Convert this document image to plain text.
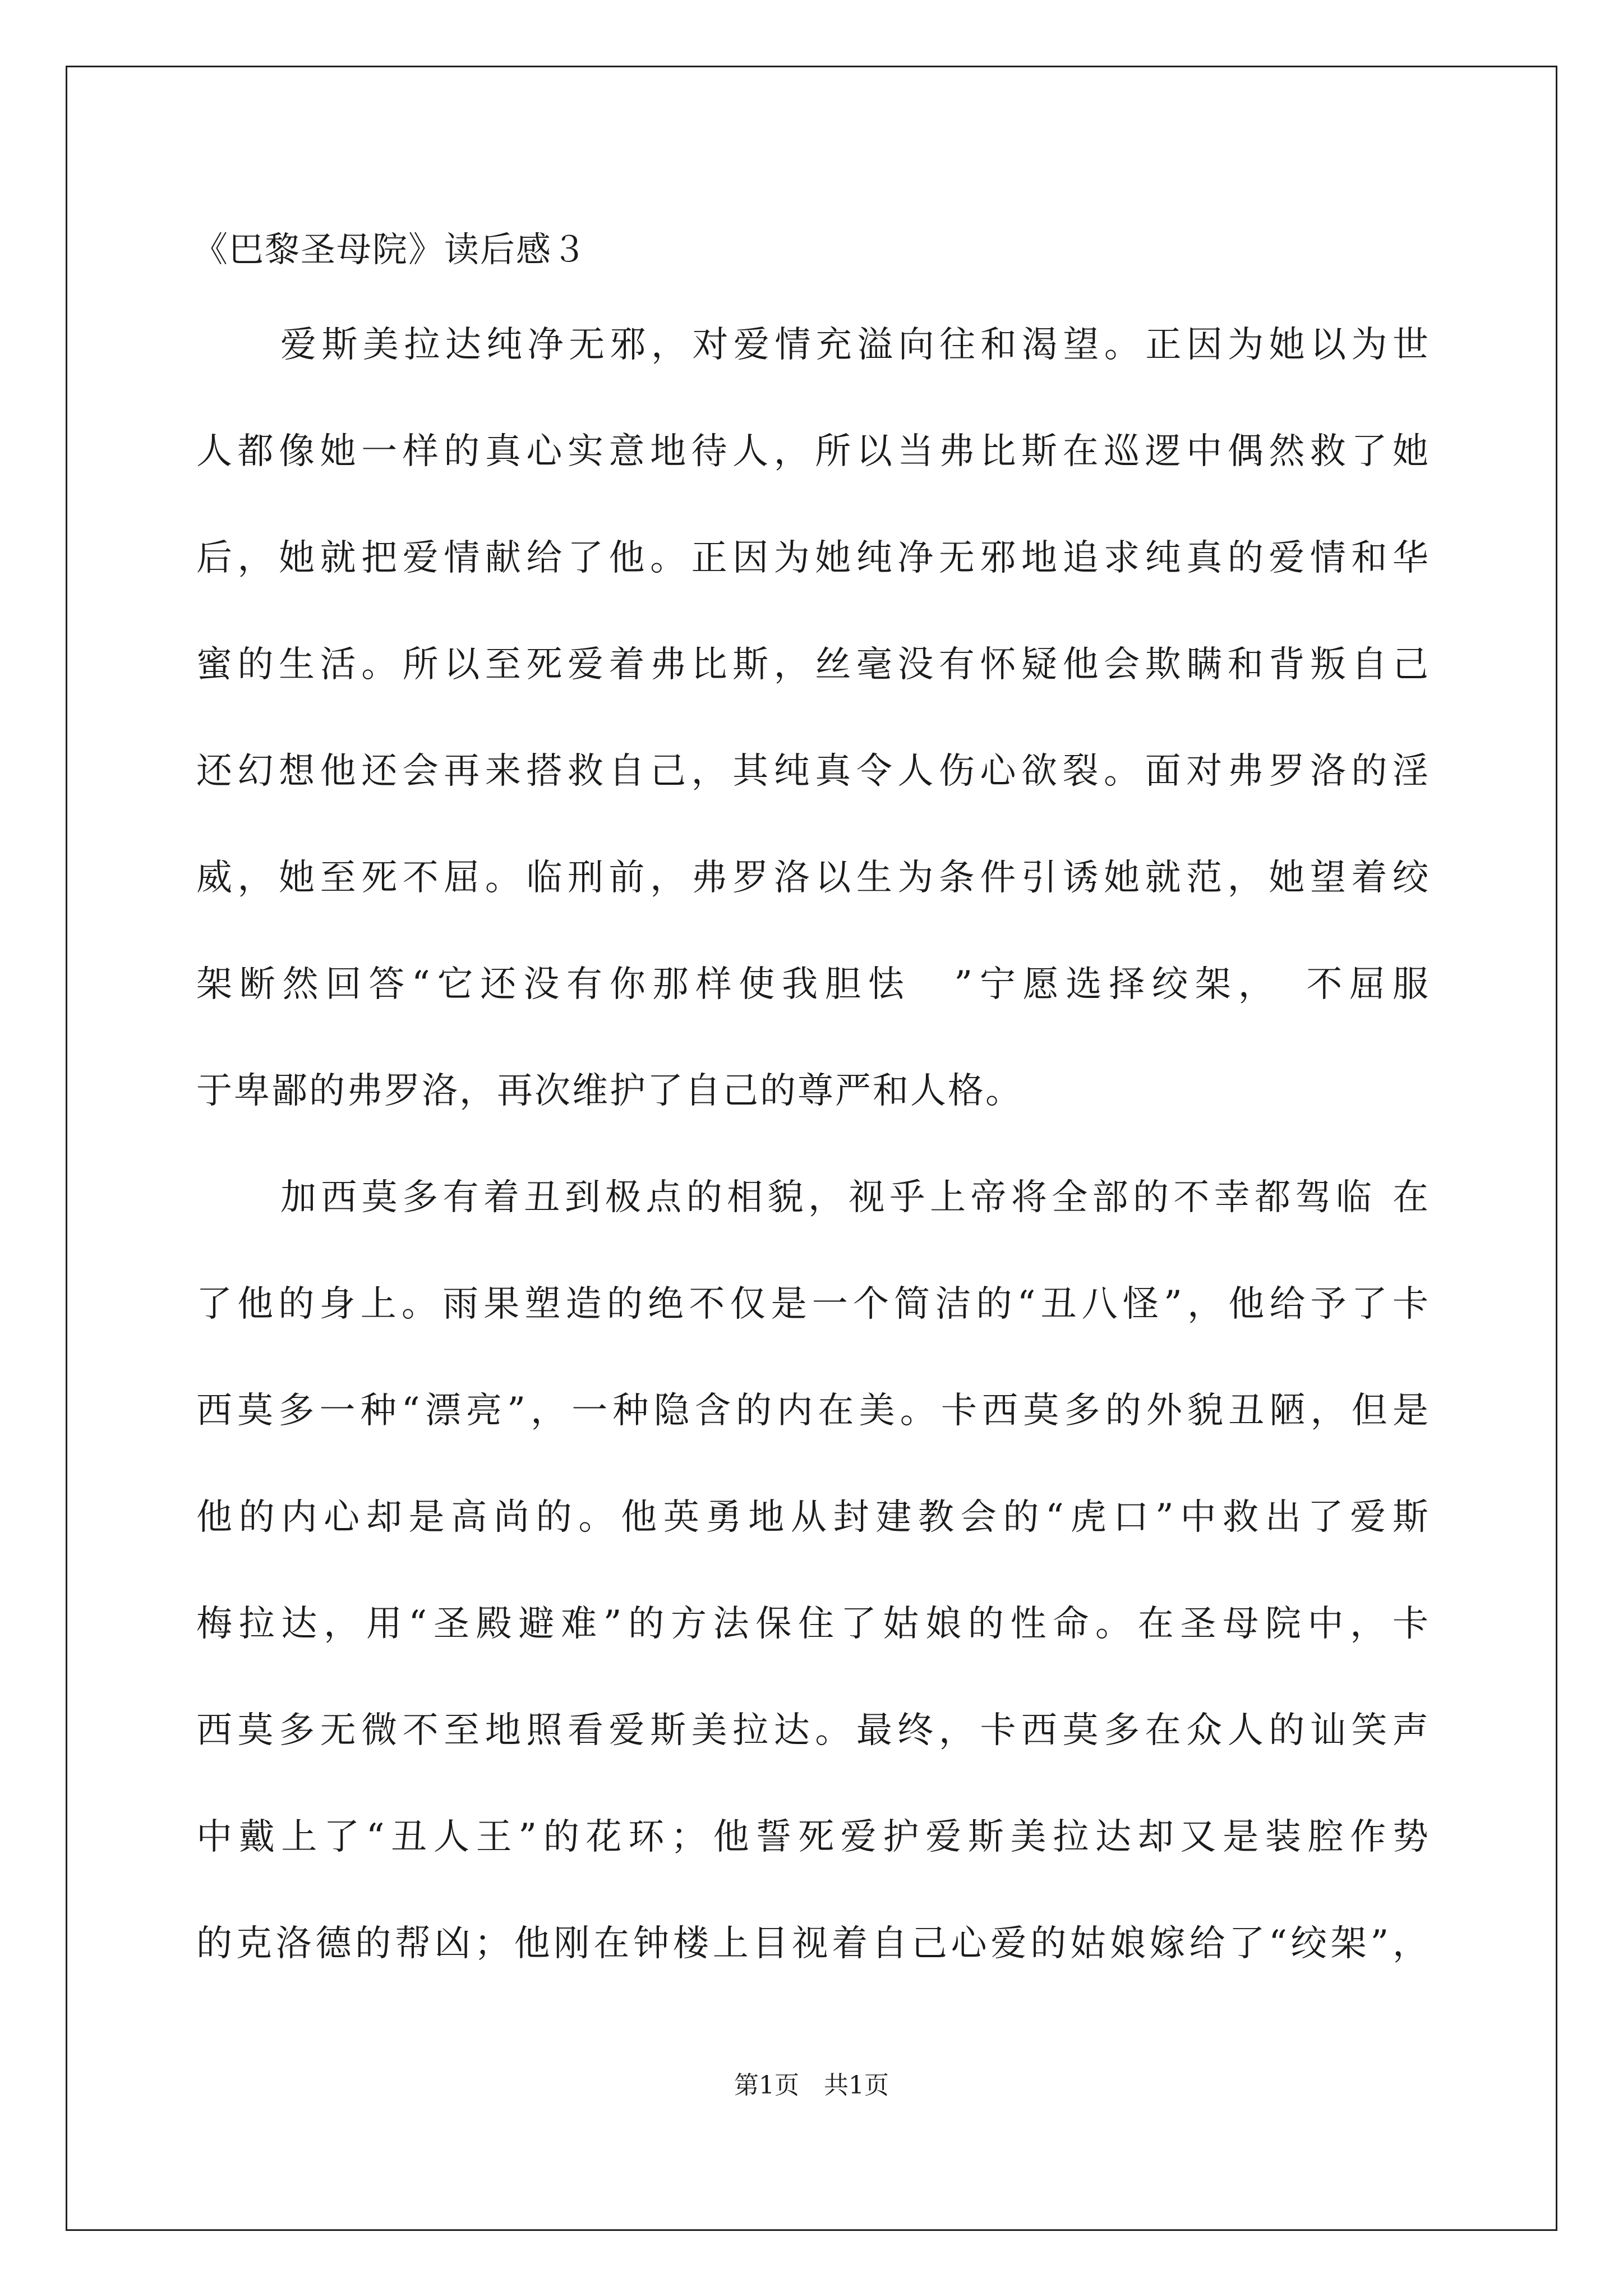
《巴黎圣母院》读后感３
爱斯美拉达纯净无邪，对爱情充溢向往和渴望。正因为她以为世
人都像她一样的真心实意地待人，所以当弗比斯在巡逻中偶然救了她
后，她就把爱情献给了他。正因为她纯净无邪地追求纯真的爱情和华
蜜的生活。所以至死爱着弗比斯，丝毫没有怀疑他会欺瞒和背叛自己
还幻想他还会再来搭救自己，其纯真令人伤心欲裂。面对弗罗洛的淫
威，她至死不屈。临刑前，弗罗洛以生为条件引诱她就范，她望着绞
架断然回答“它还没有你那样使我胆怯　”宁愿选择绞架，　不屈服
于卑鄙的弗罗洛，再次维护了自己的尊严和人格。
加西莫多有着丑到极点的相貌，视乎上帝将全部的不幸都驾临 在
了他的身上。雨果塑造的绝不仅是一个简洁的“丑八怪”，他给予了卡
西莫多一种“漂亮”，一种隐含的内在美。卡西莫多的外貌丑陋，但是
他的内心却是高尚的。他英勇地从封建教会的“虎口”中救出了爱斯
梅拉达，用“圣殿避难”的方法保住了姑娘的性命。在圣母院中，卡
西莫多无微不至地照看爱斯美拉达。最终，卡西莫多在众人的讪笑声
中戴上了“丑人王”的花环；他誓死爱护爱斯美拉达却又是装腔作势
的克洛德的帮凶；他刚在钟楼上目视着自己心爱的姑娘嫁给了“绞架”，
第1页　共1页
